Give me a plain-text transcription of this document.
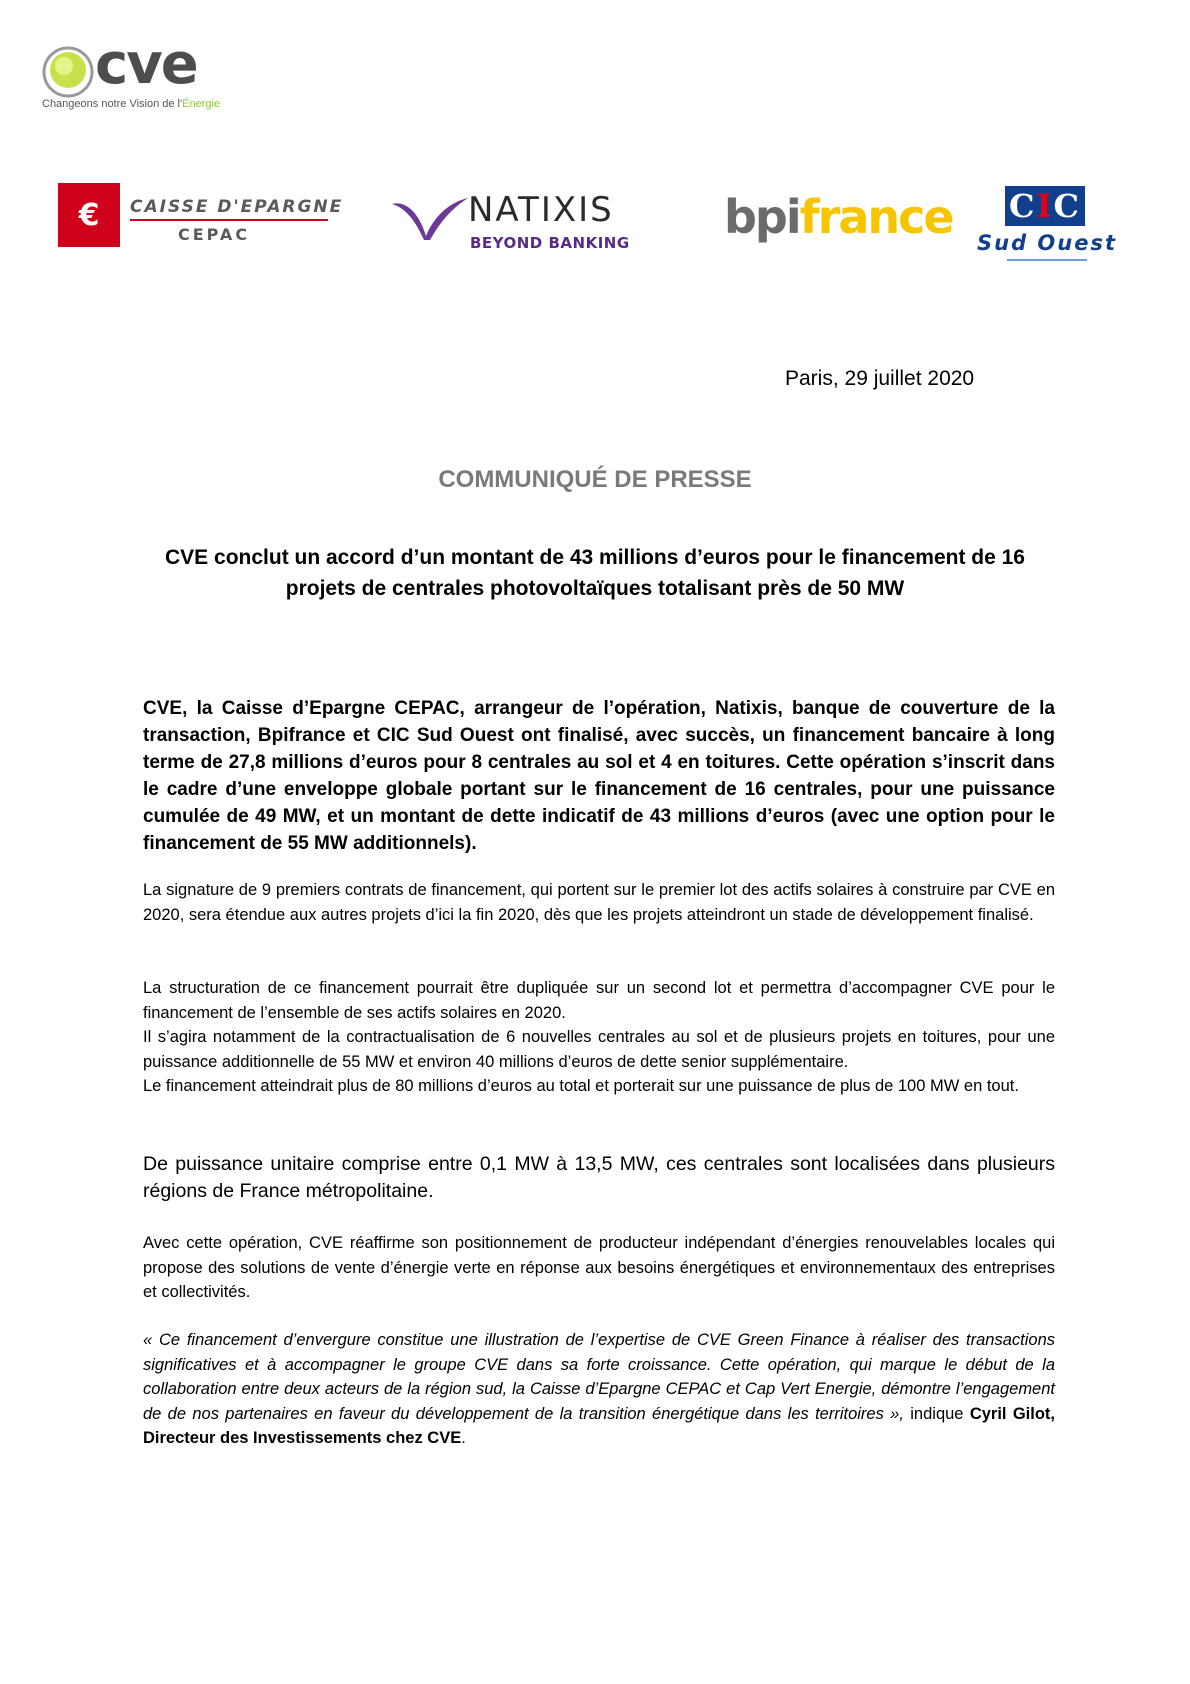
cve
Changeons notre Vision de l'Énergie
€	CAISSE D'EPARGNE
CEPAC
NATIXIS
BEYOND BANKING bpifrance C I C
Sud Ouest
Paris, 29 juillet 2020
COMMUNIQUÉ DE PRESSE
CVE conclut un accord d’un montant de 43 millions d’euros pour le financement de 16
projets de centrales photovoltaïques totalisant près de 50 MW
CVE, la Caisse d’Epargne CEPAC, arrangeur de l’opération, Natixis, banque de couverture de la transaction, Bpifrance et CIC Sud Ouest ont finalisé, avec succès, un financement bancaire à long terme de 27,8 millions d’euros pour 8 centrales au sol et 4 en toitures. Cette opération s’inscrit dans le cadre d’une enveloppe globale portant sur le financement de 16 centrales, pour une puissance cumulée de 49 MW, et un montant de dette indicatif de 43 millions d’euros (avec une option pour le financement de 55 MW additionnels).
La signature de 9 premiers contrats de financement, qui portent sur le premier lot des actifs solaires à construire par CVE en 2020, sera étendue aux autres projets d’ici la fin 2020, dès que les projets atteindront un stade de développement finalisé.
La structuration de ce financement pourrait être dupliquée sur un second lot et permettra d’accompagner CVE pour le financement de l’ensemble de ses actifs solaires en 2020.
Il s’agira notamment de la contractualisation de 6 nouvelles centrales au sol et de plusieurs projets en toitures, pour une puissance additionnelle de 55 MW et environ 40 millions d’euros de dette senior supplémentaire.
Le financement atteindrait plus de 80 millions d’euros au total et porterait sur une puissance de plus de 100 MW en tout.
De puissance unitaire comprise entre 0,1 MW à 13,5 MW, ces centrales sont localisées dans plusieurs régions de France métropolitaine.
Avec cette opération, CVE réaffirme son positionnement de producteur indépendant d’énergies renouvelables locales qui propose des solutions de vente d’énergie verte en réponse aux besoins énergétiques et environnementaux des entreprises et collectivités.
« Ce financement d’envergure constitue une illustration de l’expertise de CVE Green Finance à réaliser des transactions significatives et à accompagner le groupe CVE dans sa forte croissance. Cette opération, qui marque le début de la collaboration entre deux acteurs de la région sud, la Caisse d’Epargne CEPAC et Cap Vert Energie, démontre l’engagement de de nos partenaires en faveur du développement de la transition énergétique dans les territoires », indique Cyril Gilot, Directeur des Investissements chez CVE.
